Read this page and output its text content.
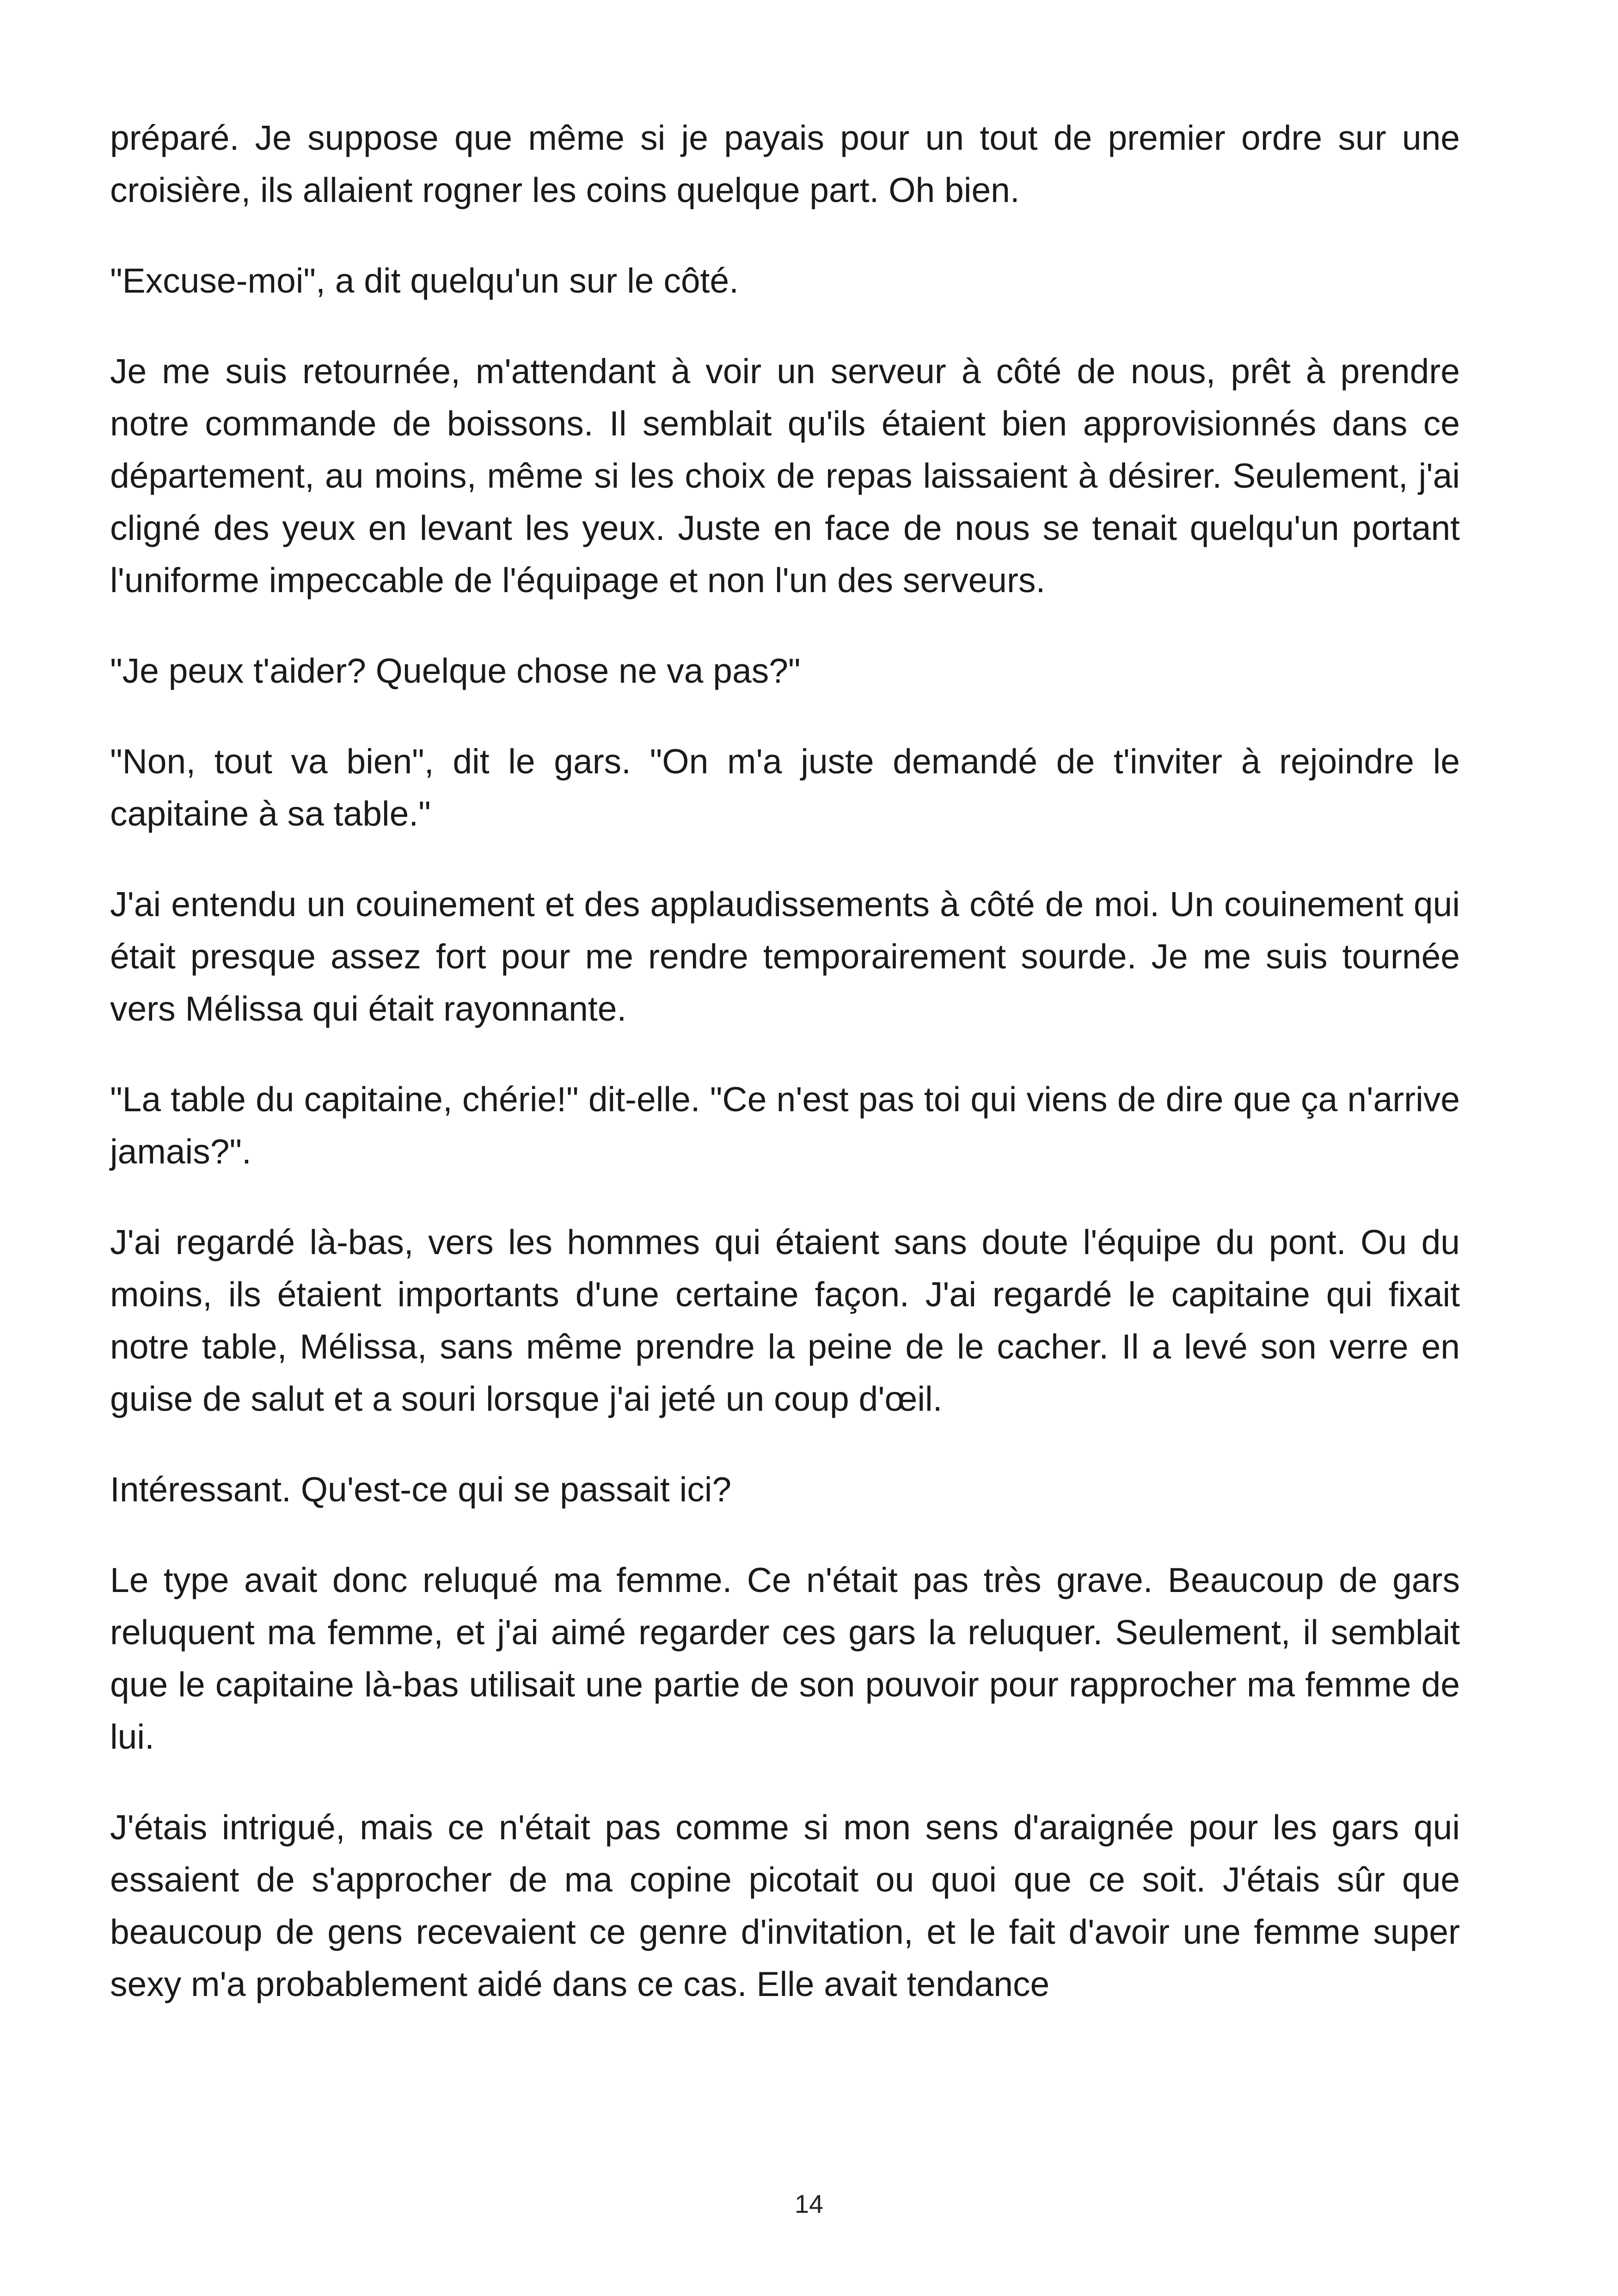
préparé. Je suppose que même si je payais pour un tout de premier ordre sur une croisière, ils allaient rogner les coins quelque part. Oh bien.

"Excuse-moi", a dit quelqu'un sur le côté.

Je me suis retournée, m'attendant à voir un serveur à côté de nous, prêt à prendre notre commande de boissons. Il semblait qu'ils étaient bien approvisionnés dans ce département, au moins, même si les choix de repas laissaient à désirer. Seulement, j'ai cligné des yeux en levant les yeux. Juste en face de nous se tenait quelqu'un portant l'uniforme impeccable de l'équipage et non l'un des serveurs.

"Je peux t'aider? Quelque chose ne va pas?"

"Non, tout va bien", dit le gars. "On m'a juste demandé de t'inviter à rejoindre le capitaine à sa table."

J'ai entendu un couinement et des applaudissements à côté de moi. Un couinement qui était presque assez fort pour me rendre temporairement sourde. Je me suis tournée vers Mélissa qui était rayonnante.

"La table du capitaine, chérie!" dit-elle. "Ce n'est pas toi qui viens de dire que ça n'arrive jamais?".

J'ai regardé là-bas, vers les hommes qui étaient sans doute l'équipe du pont. Ou du moins, ils étaient importants d'une certaine façon. J'ai regardé le capitaine qui fixait notre table, Mélissa, sans même prendre la peine de le cacher. Il a levé son verre en guise de salut et a souri lorsque j'ai jeté un coup d'œil.

Intéressant. Qu'est-ce qui se passait ici?

Le type avait donc reluqué ma femme. Ce n'était pas très grave. Beaucoup de gars reluquent ma femme, et j'ai aimé regarder ces gars la reluquer. Seulement, il semblait que le capitaine là-bas utilisait une partie de son pouvoir pour rapprocher ma femme de lui.

J'étais intrigué, mais ce n'était pas comme si mon sens d'araignée pour les gars qui essaient de s'approcher de ma copine picotait ou quoi que ce soit. J'étais sûr que beaucoup de gens recevaient ce genre d'invitation, et le fait d'avoir une femme super sexy m'a probablement aidé dans ce cas. Elle avait tendance

14
